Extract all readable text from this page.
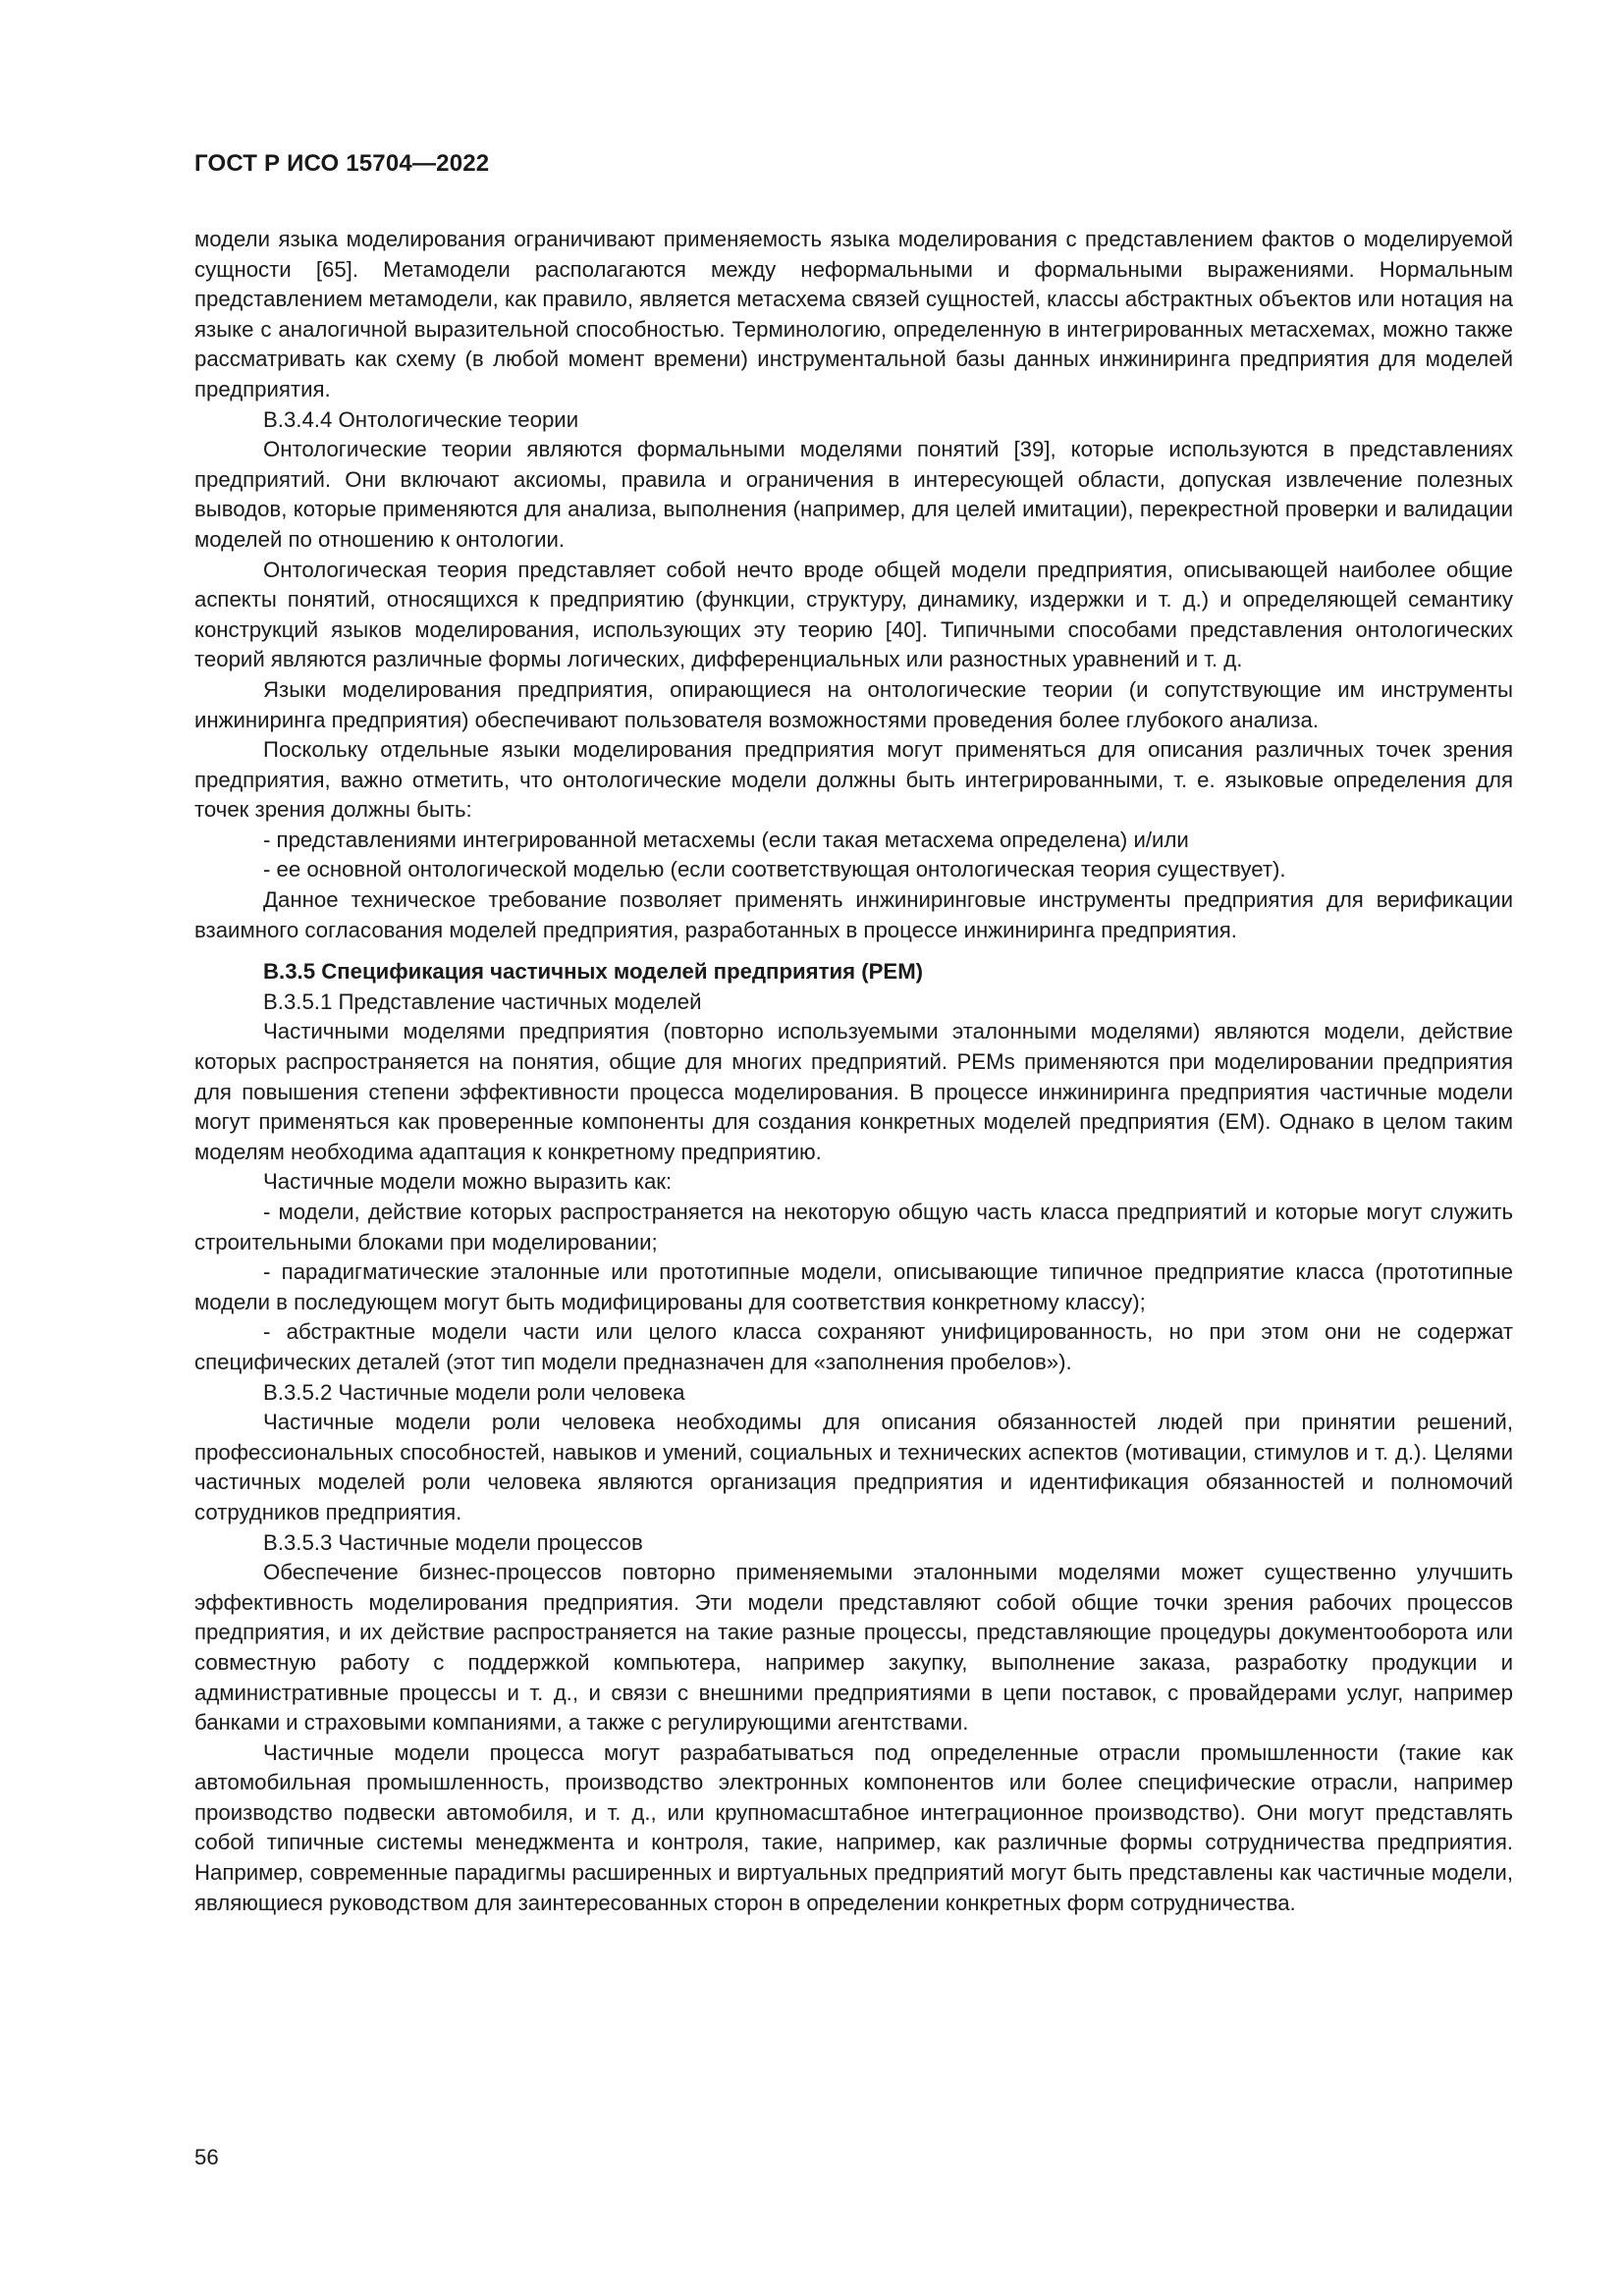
ГОСТ Р ИСО 15704—2022

модели языка моделирования ограничивают применяемость языка моделирования с представлением фактов о моделируемой сущности [65]. Метамодели располагаются между неформальными и формальными выражениями. Нормальным представлением метамодели, как правило, является метасхема связей сущностей, классы абстрактных объектов или нотация на языке с аналогичной выразительной способностью. Терминологию, определенную в интегрированных метасхемах, можно также рассматривать как схему (в любой момент времени) инструментальной базы данных инжиниринга предприятия для моделей предприятия.

В.3.4.4 Онтологические теории

Онтологические теории являются формальными моделями понятий [39], которые используются в представлениях предприятий. Они включают аксиомы, правила и ограничения в интересующей области, допуская извлечение полезных выводов, которые применяются для анализа, выполнения (например, для целей имитации), перекрестной проверки и валидации моделей по отношению к онтологии.

Онтологическая теория представляет собой нечто вроде общей модели предприятия, описывающей наиболее общие аспекты понятий, относящихся к предприятию (функции, структуру, динамику, издержки и т. д.) и определяющей семантику конструкций языков моделирования, использующих эту теорию [40]. Типичными способами представления онтологических теорий являются различные формы логических, дифференциальных или разностных уравнений и т. д.

Языки моделирования предприятия, опирающиеся на онтологические теории (и сопутствующие им инструменты инжиниринга предприятия) обеспечивают пользователя возможностями проведения более глубокого анализа.

Поскольку отдельные языки моделирования предприятия могут применяться для описания различных точек зрения предприятия, важно отметить, что онтологические модели должны быть интегрированными, т. е. языковые определения для точек зрения должны быть:

- представлениями интегрированной метасхемы (если такая метасхема определена) и/или

- ее основной онтологической моделью (если соответствующая онтологическая теория существует).

Данное техническое требование позволяет применять инжиниринговые инструменты предприятия для верификации взаимного согласования моделей предприятия, разработанных в процессе инжиниринга предприятия.

В.3.5 Спецификация частичных моделей предприятия (PEM)

В.3.5.1 Представление частичных моделей

Частичными моделями предприятия (повторно используемыми эталонными моделями) являются модели, действие которых распространяется на понятия, общие для многих предприятий. PEMs применяются при моделировании предприятия для повышения степени эффективности процесса моделирования. В процессе инжиниринга предприятия частичные модели могут применяться как проверенные компоненты для создания конкретных моделей предприятия (EM). Однако в целом таким моделям необходима адаптация к конкретному предприятию.

Частичные модели можно выразить как:

- модели, действие которых распространяется на некоторую общую часть класса предприятий и которые могут служить строительными блоками при моделировании;

- парадигматические эталонные или прототипные модели, описывающие типичное предприятие класса (прототипные модели в последующем могут быть модифицированы для соответствия конкретному классу);

- абстрактные модели части или целого класса сохраняют унифицированность, но при этом они не содержат специфических деталей (этот тип модели предназначен для «заполнения пробелов»).

В.3.5.2 Частичные модели роли человека

Частичные модели роли человека необходимы для описания обязанностей людей при принятии решений, профессиональных способностей, навыков и умений, социальных и технических аспектов (мотивации, стимулов и т. д.). Целями частичных моделей роли человека являются организация предприятия и идентификация обязанностей и полномочий сотрудников предприятия.

В.3.5.3 Частичные модели процессов

Обеспечение бизнес-процессов повторно применяемыми эталонными моделями может существенно улучшить эффективность моделирования предприятия. Эти модели представляют собой общие точки зрения рабочих процессов предприятия, и их действие распространяется на такие разные процессы, представляющие процедуры документооборота или совместную работу с поддержкой компьютера, например закупку, выполнение заказа, разработку продукции и административные процессы и т. д., и связи с внешними предприятиями в цепи поставок, с провайдерами услуг, например банками и страховыми компаниями, а также с регулирующими агентствами.

Частичные модели процесса могут разрабатываться под определенные отрасли промышленности (такие как автомобильная промышленность, производство электронных компонентов или более специфические отрасли, например производство подвески автомобиля, и т. д., или крупномасштабное интеграционное производство). Они могут представлять собой типичные системы менеджмента и контроля, такие, например, как различные формы сотрудничества предприятия. Например, современные парадигмы расширенных и виртуальных предприятий могут быть представлены как частичные модели, являющиеся руководством для заинтересованных сторон в определении конкретных форм сотрудничества.

56
